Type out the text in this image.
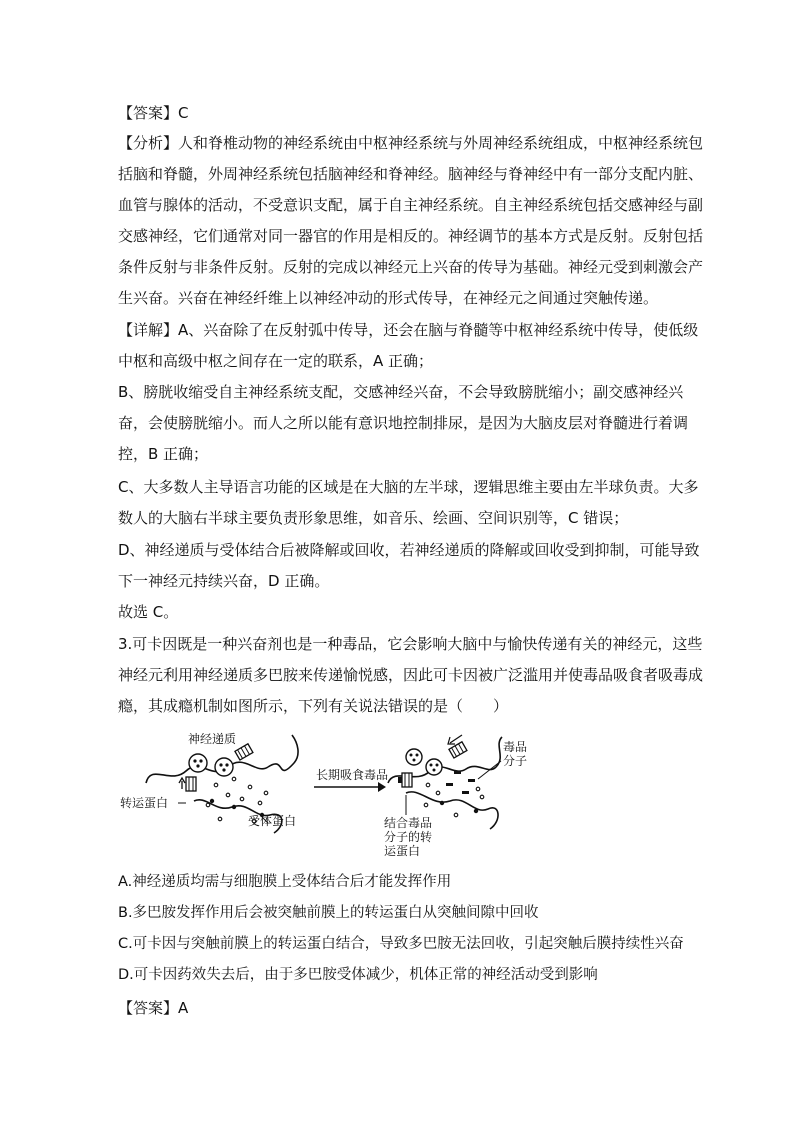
【答案】C
【分析】人和脊椎动物的神经系统由中枢神经系统与外周神经系统组成，中枢神经系统包
括脑和脊髓，外周神经系统包括脑神经和脊神经。脑神经与脊神经中有一部分支配内脏、
血管与腺体的活动，不受意识支配，属于自主神经系统。自主神经系统包括交感神经与副
交感神经，它们通常对同一器官的作用是相反的。神经调节的基本方式是反射。反射包括
条件反射与非条件反射。反射的完成以神经元上兴奋的传导为基础。神经元受到刺激会产
生兴奋。兴奋在神经纤维上以神经冲动的形式传导，在神经元之间通过突触传递。
【详解】A、兴奋除了在反射弧中传导，还会在脑与脊髓等中枢神经系统中传导，使低级
中枢和高级中枢之间存在一定的联系，A 正确；
B、膀胱收缩受自主神经系统支配，交感神经兴奋，不会导致膀胱缩小；副交感神经兴
奋，会使膀胱缩小。而人之所以能有意识地控制排尿，是因为大脑皮层对脊髓进行着调
控，B 正确；
C、大多数人主导语言功能的区域是在大脑的左半球，逻辑思维主要由左半球负责。大多
数人的大脑右半球主要负责形象思维，如音乐、绘画、空间识别等，C 错误；
D、神经递质与受体结合后被降解或回收，若神经递质的降解或回收受到抑制，可能导致
下一神经元持续兴奋，D 正确。
故选 C。
3.可卡因既是一种兴奋剂也是一种毒品，它会影响大脑中与愉快传递有关的神经元，这些
神经元利用神经递质多巴胺来传递愉悦感，因此可卡因被广泛滥用并使毒品吸食者吸毒成
瘾，其成瘾机制如图所示，下列有关说法错误的是（　　）
神经递质
转运蛋白
受体蛋白
长期吸食毒品
毒品
分子
结合毒品
分子的转
运蛋白
A.神经递质均需与细胞膜上受体结合后才能发挥作用
B.多巴胺发挥作用后会被突触前膜上的转运蛋白从突触间隙中回收
C.可卡因与突触前膜上的转运蛋白结合，导致多巴胺无法回收，引起突触后膜持续性兴奋
D.可卡因药效失去后，由于多巴胺受体减少，机体正常的神经活动受到影响
【答案】A
